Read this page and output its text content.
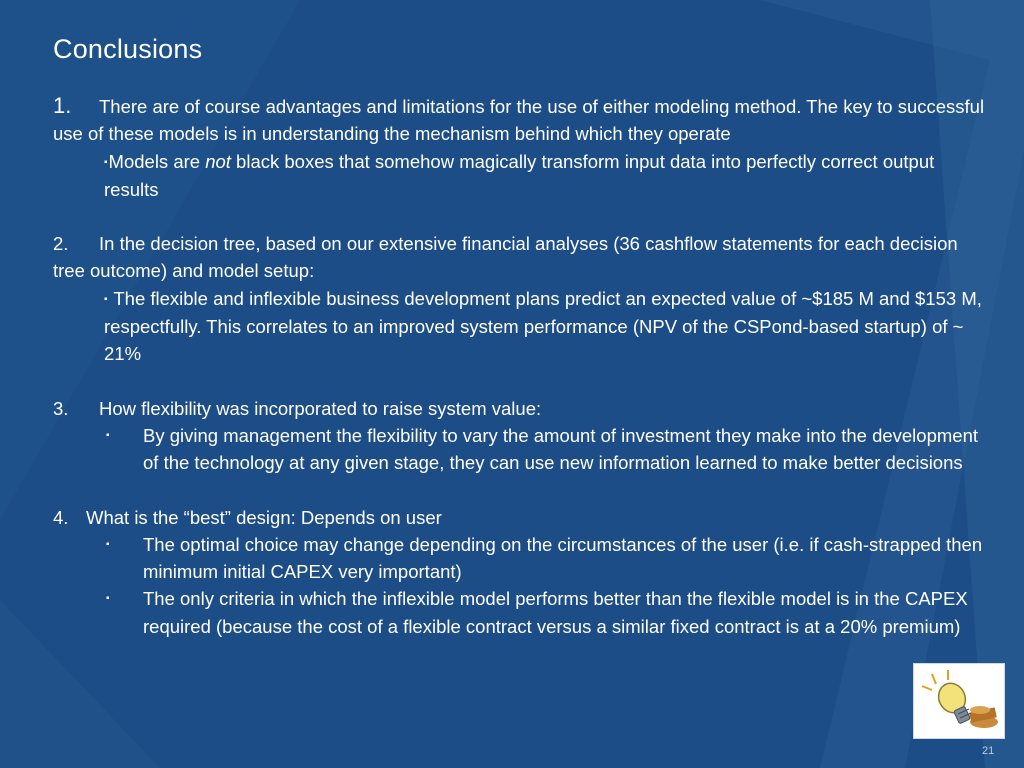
Conclusions

1. There are of course advantages and limitations for the use of either modeling method. The key to successful use of these models is in understanding the mechanism behind which they operate

▪Models are not black boxes that somehow magically transform input data into perfectly correct output results

2. In the decision tree, based on our extensive financial analyses (36 cashflow statements for each decision tree outcome) and model setup:

▪ The flexible and inflexible business development plans predict an expected value of ~$185 M and $153 M, respectfully. This correlates to an improved system performance (NPV of the CSPond-based startup) of ~ 21%

3. How flexibility was incorporated to raise system value:

▪ By giving management the flexibility to vary the amount of investment they make into the development of the technology at any given stage, they can use new information learned to make better decisions

4. What is the “best” design: Depends on user

▪ The optimal choice may change depending on the circumstances of the user (i.e. if cash-strapped then minimum initial CAPEX very important)
▪ The only criteria in which the inflexible model performs better than the flexible model is in the CAPEX required (because the cost of a flexible contract versus a similar fixed contract is at a 20% premium)
21
